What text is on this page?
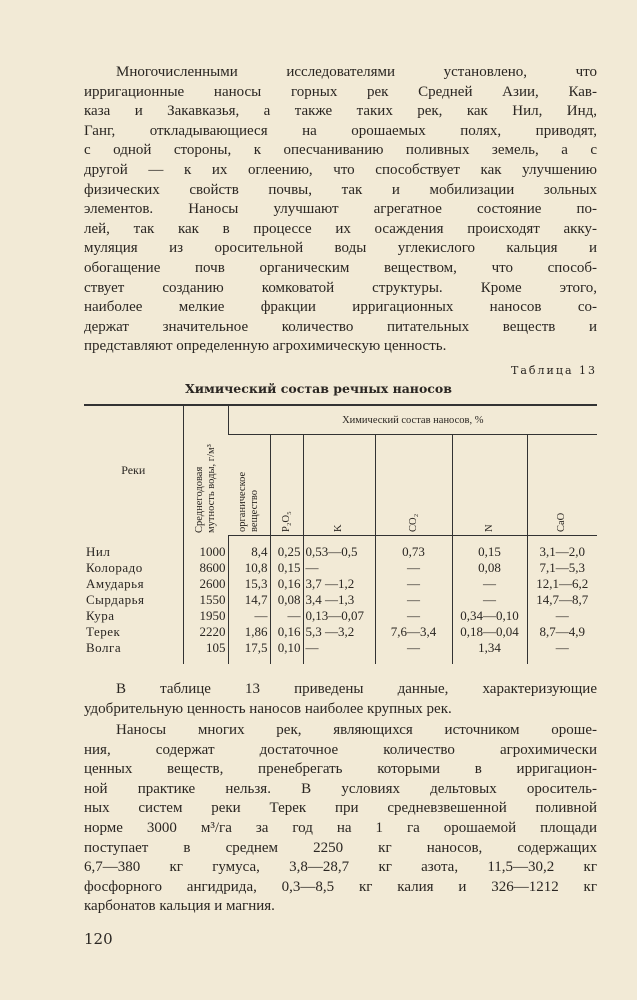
Многочисленными исследователями установлено, что
ирригационные наносы горных рек Средней Азии, Кав-
каза и Закавказья, а также таких рек, как Нил, Инд,
Ганг, откладывающиеся на орошаемых полях, приводят,
с одной стороны, к опесчаниванию поливных земель, а с
другой — к их оглеению, что способствует как улучшению
физических свойств почвы, так и мобилизации зольных
элементов. Наносы улучшают агрегатное состояние по-
лей, так как в процессе их осаждения происходят акку-
муляция из оросительной воды углекислого кальция и
обогащение почв органическим веществом, что способ-
ствует созданию комковатой структуры. Кроме этого,
наиболее мелкие фракции ирригационных наносов со-
держат значительное количество питательных веществ и
представляют определенную агрохимическую ценность.
Таблица 13
Химический состав речных наносов
Реки	Среднегодовая мутность воды, г/м³	Химический состав наносов, %					
		органическое вещество	P₂O₅	K	CO₂	N	CaO
Нил	1000	8,4	0,25	0,53—0,5	0,73	0,15	3,1—2,0
Колорадо	8600	10,8	0,15	—	—	0,08	7,1—5,3
Амударья	2600	15,3	0,16	3,7 —1,2	—	—	12,1—6,2
Сырдарья	1550	14,7	0,08	3,4 —1,3	—	—	14,7—8,7
Кура	1950	—	—	0,13—0,07	—	0,34—0,10	—
Терек	2220	1,86	0,16	5,3 —3,2	7,6—3,4	0,18—0,04	8,7—4,9
Волга	105	17,5	0,10	—	—	1,34	—
В таблице 13 приведены данные, характеризующие
удобрительную ценность наносов наиболее крупных рек.
Наносы многих рек, являющихся источником ороше-
ния, содержат достаточное количество агрохимически
ценных веществ, пренебрегать которыми в ирригацион-
ной практике нельзя. В условиях дельтовых ороситель-
ных систем реки Терек при средневзвешенной поливной
норме 3000 м³/га за год на 1 га орошаемой площади
поступает в среднем 2250 кг наносов, содержащих
6,7—380 кг гумуса, 3,8—28,7 кг азота, 11,5—30,2 кг
фосфорного ангидрида, 0,3—8,5 кг калия и 326—1212 кг
карбонатов кальция и магния.
120
